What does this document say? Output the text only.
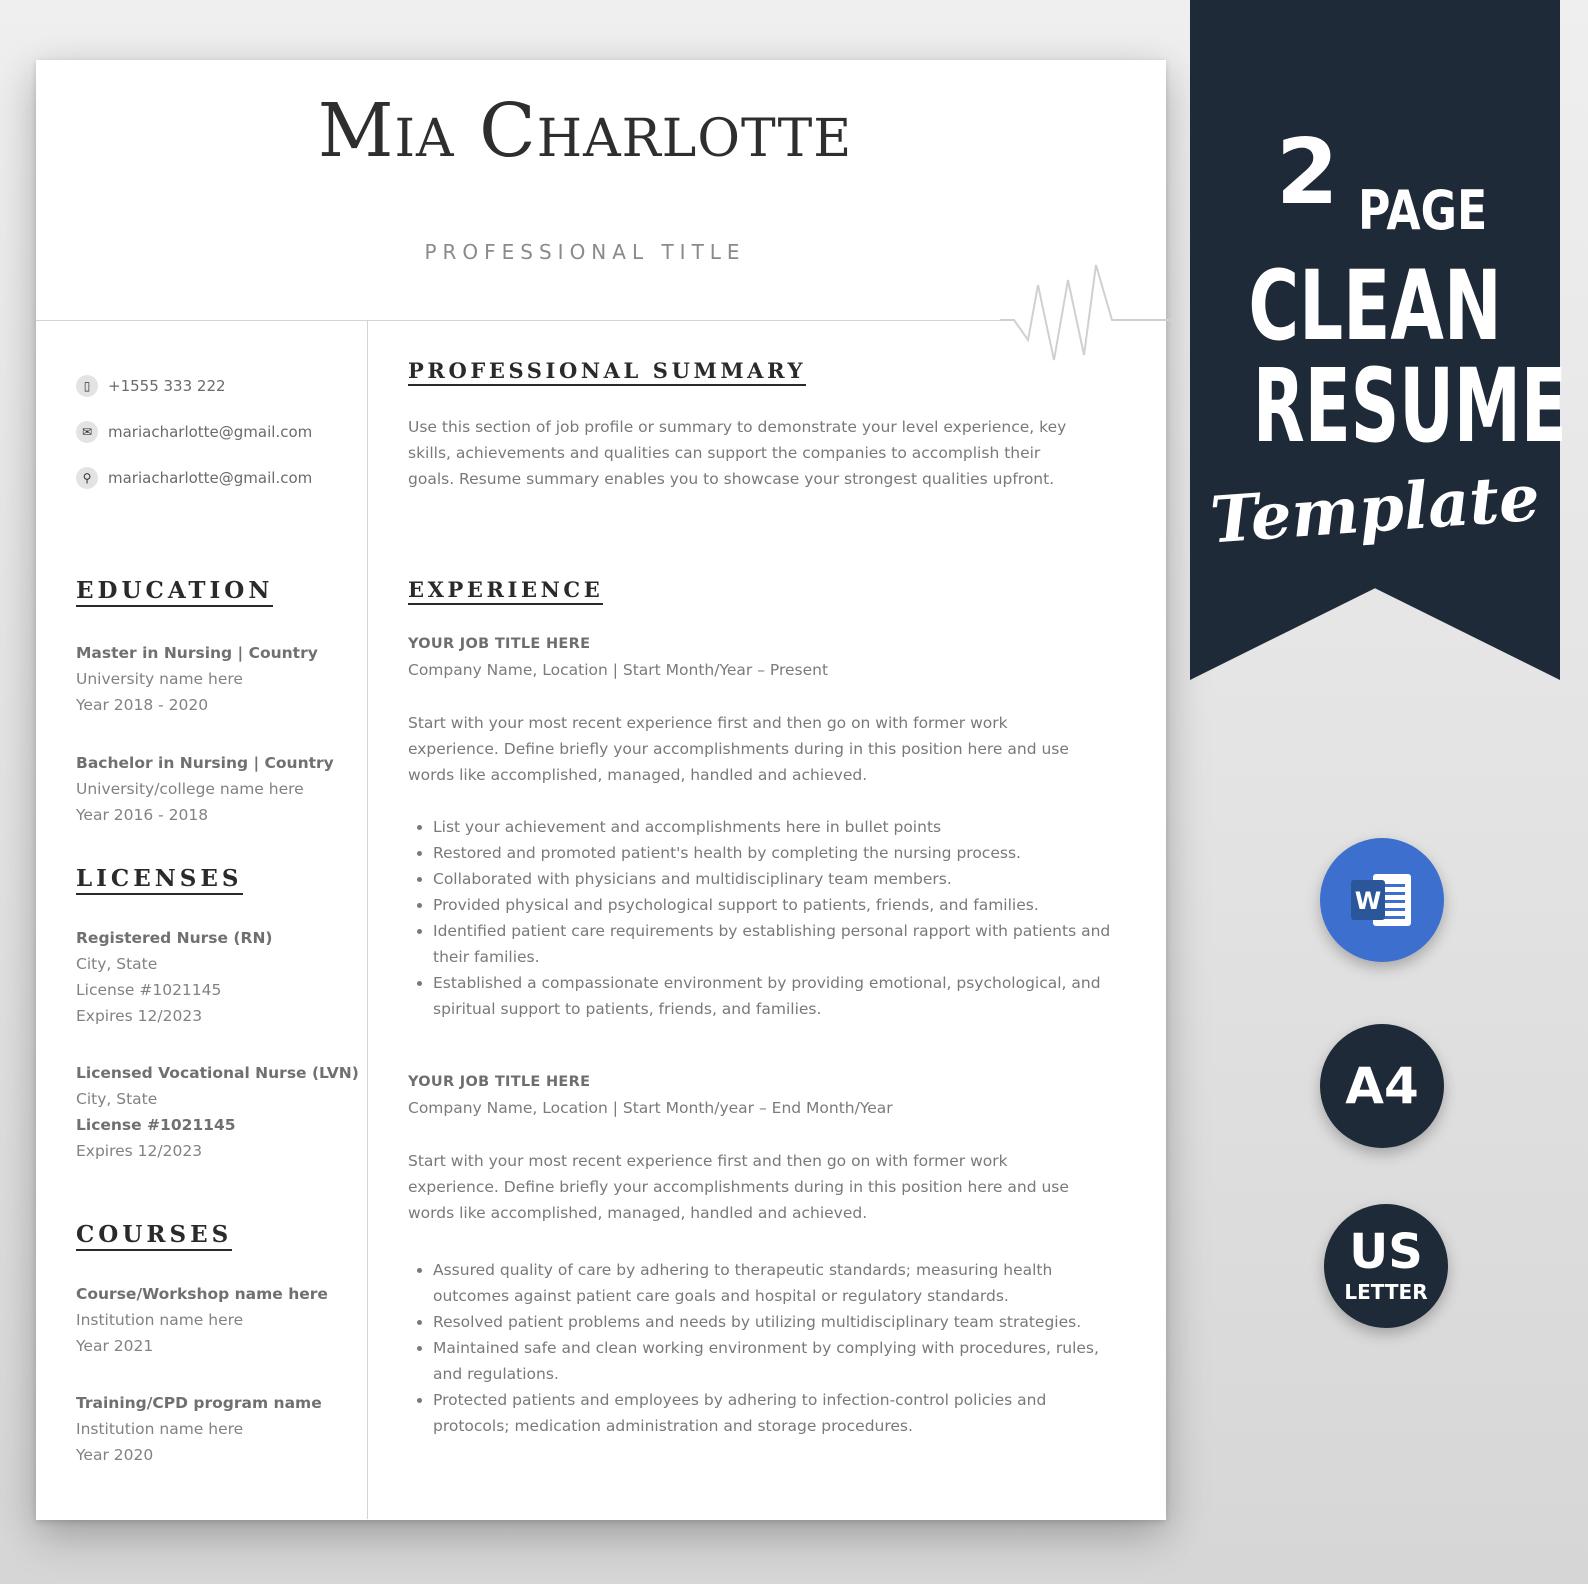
Mia Charlotte
PROFESSIONAL TITLE
▯	+1555 333 222
✉	mariacharlotte@gmail.com
⚲	mariacharlotte@gmail.com
EDUCATION
Master in Nursing | Country
University name here
Year 2018 - 2020
Bachelor in Nursing | Country
University/college name here
Year 2016 - 2018
LICENSES
Registered Nurse (RN)
City, State
License #1021145
Expires 12/2023
Licensed Vocational Nurse (LVN)
City, State
License #1021145
Expires 12/2023
COURSES
Course/Workshop name here
Institution name here
Year 2021
Training/CPD program name
Institution name here
Year 2020
PROFESSIONAL SUMMARY
Use this section of job profile or summary to demonstrate your level experience, key skills, achievements and qualities can support the companies to accomplish their goals. Resume summary enables you to showcase your strongest qualities upfront.
EXPERIENCE
YOUR JOB TITLE HERE
Company Name, Location | Start Month/Year – Present
Start with your most recent experience first and then go on with former work experience. Define briefly your accomplishments during in this position here and use words like accomplished, managed, handled and achieved.
• List your achievement and accomplishments here in bullet points
• Restored and promoted patient's health by completing the nursing process.
• Collaborated with physicians and multidisciplinary team members.
• Provided physical and psychological support to patients, friends, and families.
• Identified patient care requirements by establishing personal rapport with patients and their families.
• Established a compassionate environment by providing emotional, psychological, and spiritual support to patients, friends, and families.
YOUR JOB TITLE HERE
Company Name, Location | Start Month/year – End Month/Year
Start with your most recent experience first and then go on with former work experience. Define briefly your accomplishments during in this position here and use words like accomplished, managed, handled and achieved.
• Assured quality of care by adhering to therapeutic standards; measuring health outcomes against patient care goals and hospital or regulatory standards.
• Resolved patient problems and needs by utilizing multidisciplinary team strategies.
• Maintained safe and clean working environment by complying with procedures, rules, and regulations.
• Protected patients and employees by adhering to infection-control policies and protocols; medication administration and storage procedures.
2 PAGE
CLEAN
RESUME
Template
W
A4
US
LETTER
